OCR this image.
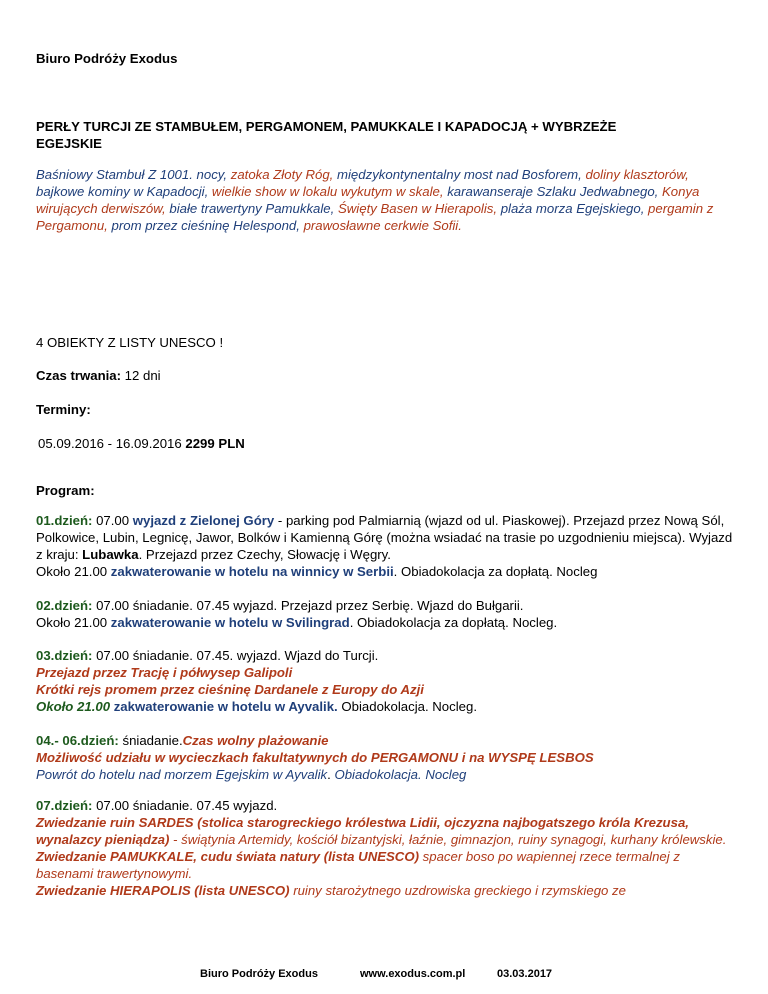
Biuro Podróży Exodus
PERŁY TURCJI ZE STAMBUŁEM, PERGAMONEM, PAMUKKALE I KAPADOCJĄ + WYBRZEŻE
EGEJSKIE
Baśniowy Stambuł Z 1001. nocy, zatoka Złoty Róg, międzykontynentalny most nad Bosforem, doliny klasztorów, bajkowe kominy w Kapadocji, wielkie show w lokalu wykutym w skale, karawanseraje Szlaku Jedwabnego, Konya wirujących derwiszów, białe trawertyny Pamukkale, Święty Basen w Hierapolis, plaża morza Egejskiego, pergamin z Pergamonu, prom przez cieśninę Helespond, prawosławne cerkwie Sofii.
4 OBIEKTY Z LISTY UNESCO !
Czas trwania: 12 dni
Terminy:
05.09.2016 - 16.09.2016 2299 PLN
Program:
01.dzień: 07.00 wyjazd z Zielonej Góry - parking pod Palmiarnią (wjazd od ul. Piaskowej). Przejazd przez Nową Sól, Polkowice, Lubin, Legnicę, Jawor, Bolków i Kamienną Górę (można wsiadać na trasie po uzgodnieniu miejsca). Wyjazd z kraju: Lubawka. Przejazd przez Czechy, Słowację i Węgry.
Około 21.00 zakwaterowanie w hotelu na winnicy w Serbii. Obiadokolacja za dopłatą. Nocleg
02.dzień: 07.00 śniadanie. 07.45 wyjazd. Przejazd przez Serbię. Wjazd do Bułgarii.
Około 21.00 zakwaterowanie w hotelu w Svilingrad. Obiadokolacja za dopłatą. Nocleg.
03.dzień: 07.00 śniadanie. 07.45. wyjazd. Wjazd do Turcji.
Przejazd przez Trację i półwysep Galipoli
Krótki rejs promem przez cieśninę Dardanele z Europy do Azji
Około 21.00 zakwaterowanie w hotelu w Ayvalik. Obiadokolacja. Nocleg.
04.- 06.dzień: śniadanie.Czas wolny plażowanie
Możliwość udziału w wycieczkach fakultatywnych do PERGAMONU i na WYSPĘ LESBOS
Powrót do hotelu nad morzem Egejskim w Ayvalik. Obiadokolacja. Nocleg
07.dzień: 07.00 śniadanie. 07.45 wyjazd.
Zwiedzanie ruin SARDES (stolica starogreckiego królestwa Lidii, ojczyzna najbogatszego króla Krezusa, wynalazcy pieniądza) - świątynia Artemidy, kościół bizantyjski, łaźnie, gimnazjon, ruiny synagogi, kurhany królewskie.
Zwiedzanie PAMUKKALE, cudu świata natury (lista UNESCO) spacer boso po wapiennej rzece termalnej z basenami trawertynowymi.
Zwiedzanie HIERAPOLIS (lista UNESCO) ruiny starożytnego uzdrowiska greckiego i rzymskiego ze
Biuro Podróży Exodus	www.exodus.com.pl	03.03.2017
